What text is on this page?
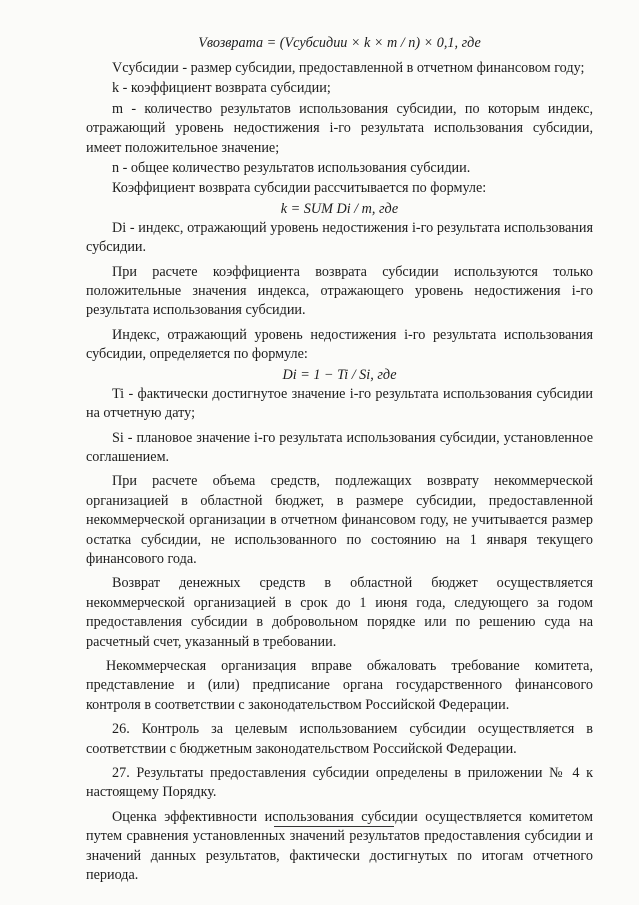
Vвозврата = (Vсубсидии × k × m / n) × 0,1, где

Vсубсидии - размер субсидии, предоставленной в отчетном финансовом году;

k - коэффициент возврата субсидии;

m - количество результатов использования субсидии, по которым индекс, отражающий уровень недостижения i-го результата использования субсидии, имеет положительное значение;

n - общее количество результатов использования субсидии.

Коэффициент возврата субсидии рассчитывается по формуле:

k = SUM Di / m, где

Di - индекс, отражающий уровень недостижения i-го результата использования субсидии.

При расчете коэффициента возврата субсидии используются только положительные значения индекса, отражающего уровень недостижения i-го результата использования субсидии.

Индекс, отражающий уровень недостижения i-го результата использования субсидии, определяется по формуле:

Di = 1 − Ti / Si, где

Ti - фактически достигнутое значение i-го результата использования субсидии на отчетную дату;

Si - плановое значение i-го результата использования субсидии, установленное соглашением.

При расчете объема средств, подлежащих возврату некоммерческой организацией в областной бюджет, в размере субсидии, предоставленной некоммерческой организации в отчетном финансовом году, не учитывается размер остатка субсидии, не использованного по состоянию на 1 января текущего финансового года.

Возврат денежных средств в областной бюджет осуществляется некоммерческой организацией в срок до 1 июня года, следующего за годом предоставления субсидии в добровольном порядке или по решению суда на расчетный счет, указанный в требовании.

Некоммерческая организация вправе обжаловать требование комитета, представление и (или) предписание органа государственного финансового контроля в соответствии с законодательством Российской Федерации.

26. Контроль за целевым использованием субсидии осуществляется в соответствии с бюджетным законодательством Российской Федерации.

27. Результаты предоставления субсидии определены в приложении № 4 к настоящему Порядку.

Оценка эффективности использования субсидии осуществляется комитетом путем сравнения установленных значений результатов предоставления субсидии и значений данных результатов, фактически достигнутых по итогам отчетного периода.
